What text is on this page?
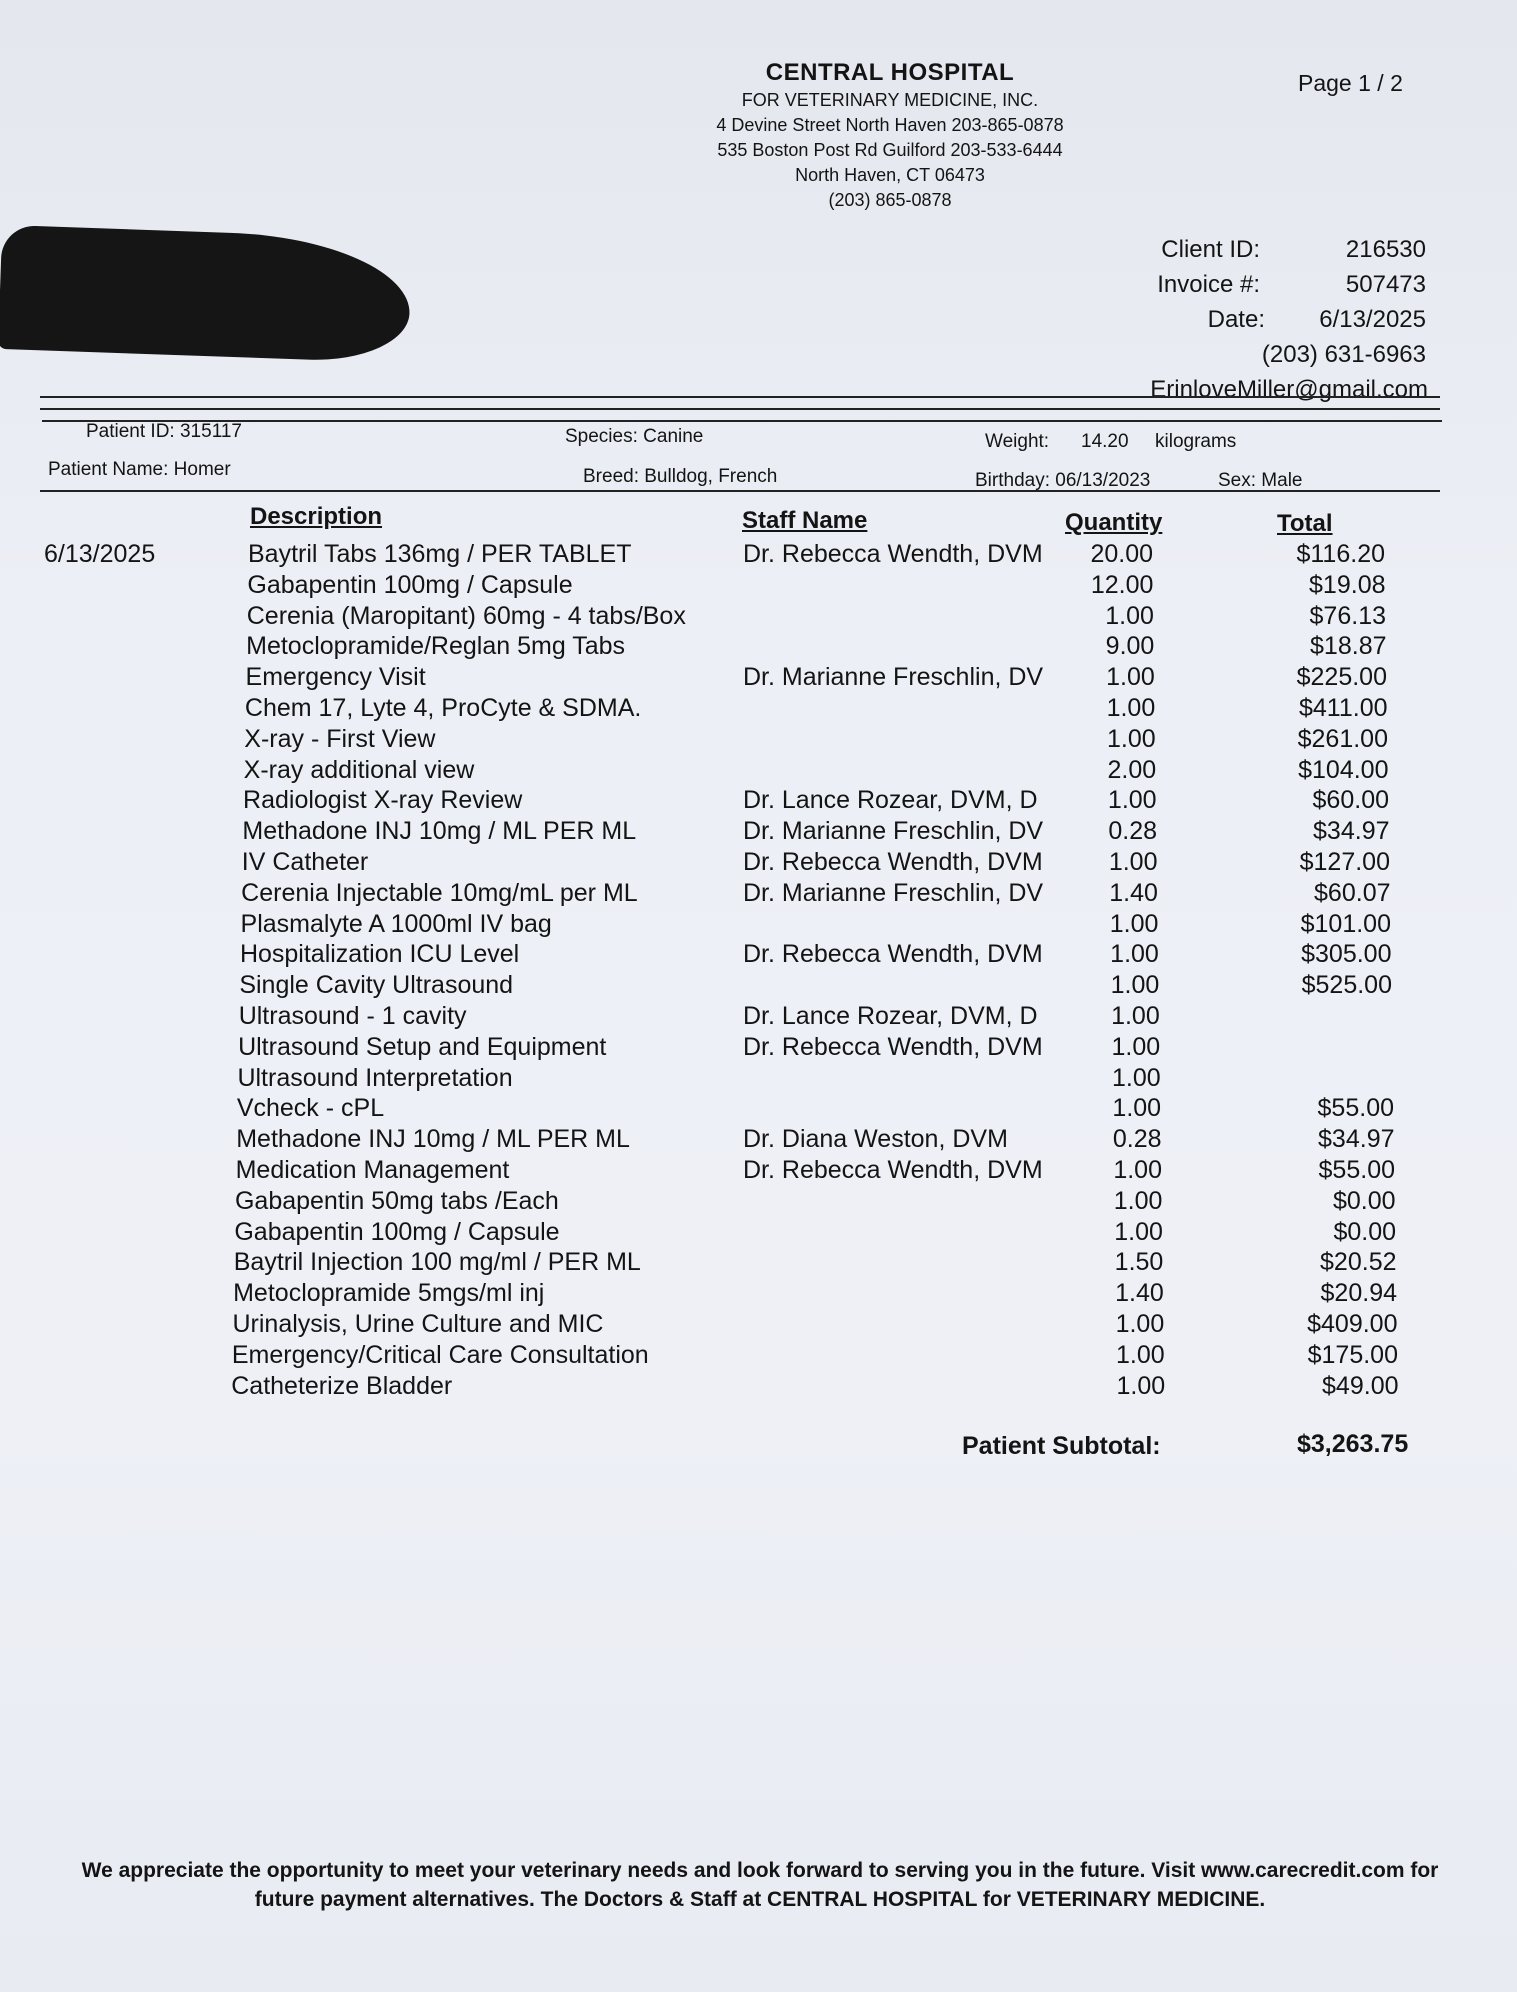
CENTRAL HOSPITAL
FOR VETERINARY MEDICINE, INC.
4 Devine Street North Haven 203-865-0878
535 Boston Post Rd Guilford 203-533-6444
North Haven, CT 06473
(203) 865-0878
Page 1 / 2
Client ID:	216530
Invoice #:	507473
Date: 6/13/2025
(203) 631-6963
ErinloveMiller@gmail.com
Patient ID: 315117	Species: Canine	Weight: 14.20 kilograms
Patient Name: Homer	Breed: Bulldog, French	Birthday: 06/13/2023	Sex: Male
Description	Staff Name	Quantity	Total
6/13/2025	Baytril Tabs 136mg / PER TABLET	Dr. Rebecca Wendth, DVM	20.00	$116.20
Gabapentin 100mg / Capsule	12.00	$19.08
Cerenia (Maropitant) 60mg - 4 tabs/Box	1.00	$76.13
Metoclopramide/Reglan 5mg Tabs	9.00	$18.87
Emergency Visit	Dr. Marianne Freschlin, DV	1.00	$225.00
Chem 17, Lyte 4, ProCyte & SDMA.	1.00	$411.00
X-ray - First View	1.00	$261.00
X-ray additional view	2.00	$104.00
Radiologist X-ray Review	Dr. Lance Rozear, DVM, D	1.00	$60.00
Methadone INJ 10mg / ML PER ML	Dr. Marianne Freschlin, DV	0.28	$34.97
IV Catheter	Dr. Rebecca Wendth, DVM	1.00	$127.00
Cerenia Injectable 10mg/mL per ML	Dr. Marianne Freschlin, DV	1.40	$60.07
Plasmalyte A 1000ml IV bag	1.00	$101.00
Hospitalization ICU Level	Dr. Rebecca Wendth, DVM	1.00	$305.00
Single Cavity Ultrasound	1.00	$525.00
Ultrasound - 1 cavity	Dr. Lance Rozear, DVM, D	1.00
Ultrasound Setup and Equipment	Dr. Rebecca Wendth, DVM	1.00
Ultrasound Interpretation	1.00
Vcheck - cPL	1.00	$55.00
Methadone INJ 10mg / ML PER ML	Dr. Diana Weston, DVM	0.28	$34.97
Medication Management	Dr. Rebecca Wendth, DVM	1.00	$55.00
Gabapentin 50mg tabs /Each	1.00	$0.00
Gabapentin 100mg / Capsule	1.00	$0.00
Baytril Injection 100 mg/ml / PER ML	1.50	$20.52
Metoclopramide 5mgs/ml inj	1.40	$20.94
Urinalysis, Urine Culture and MIC	1.00	$409.00
Emergency/Critical Care Consultation	1.00	$175.00
Catheterize Bladder	1.00	$49.00
Patient Subtotal:	$3,263.75
We appreciate the opportunity to meet your veterinary needs and look forward to serving you in the future. Visit www.carecredit.com for
future payment alternatives. The Doctors & Staff at CENTRAL HOSPITAL for VETERINARY MEDICINE.
